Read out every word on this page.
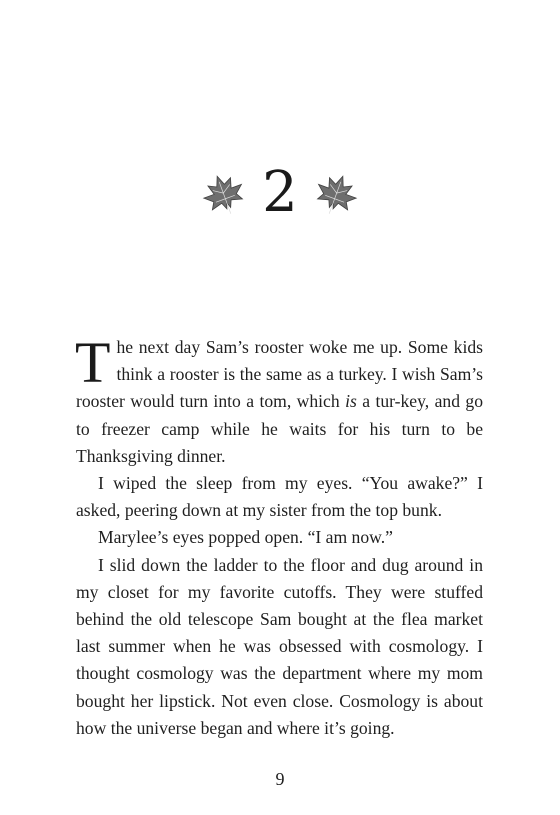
2

The next day Sam’s rooster woke me up. Some kids think a rooster is the same as a turkey. I wish Sam’s rooster would turn into a tom, which is a tur-key, and go to freezer camp while he waits for his turn to be Thanksgiving dinner.

I wiped the sleep from my eyes. “You awake?” I asked, peering down at my sister from the top bunk.

Marylee’s eyes popped open. “I am now.”

I slid down the ladder to the floor and dug around in my closet for my favorite cutoffs. They were stuffed behind the old telescope Sam bought at the flea market last summer when he was obsessed with cosmology. I thought cosmology was the department where my mom bought her lipstick. Not even close. Cosmology is about how the universe began and where it’s going.

9
